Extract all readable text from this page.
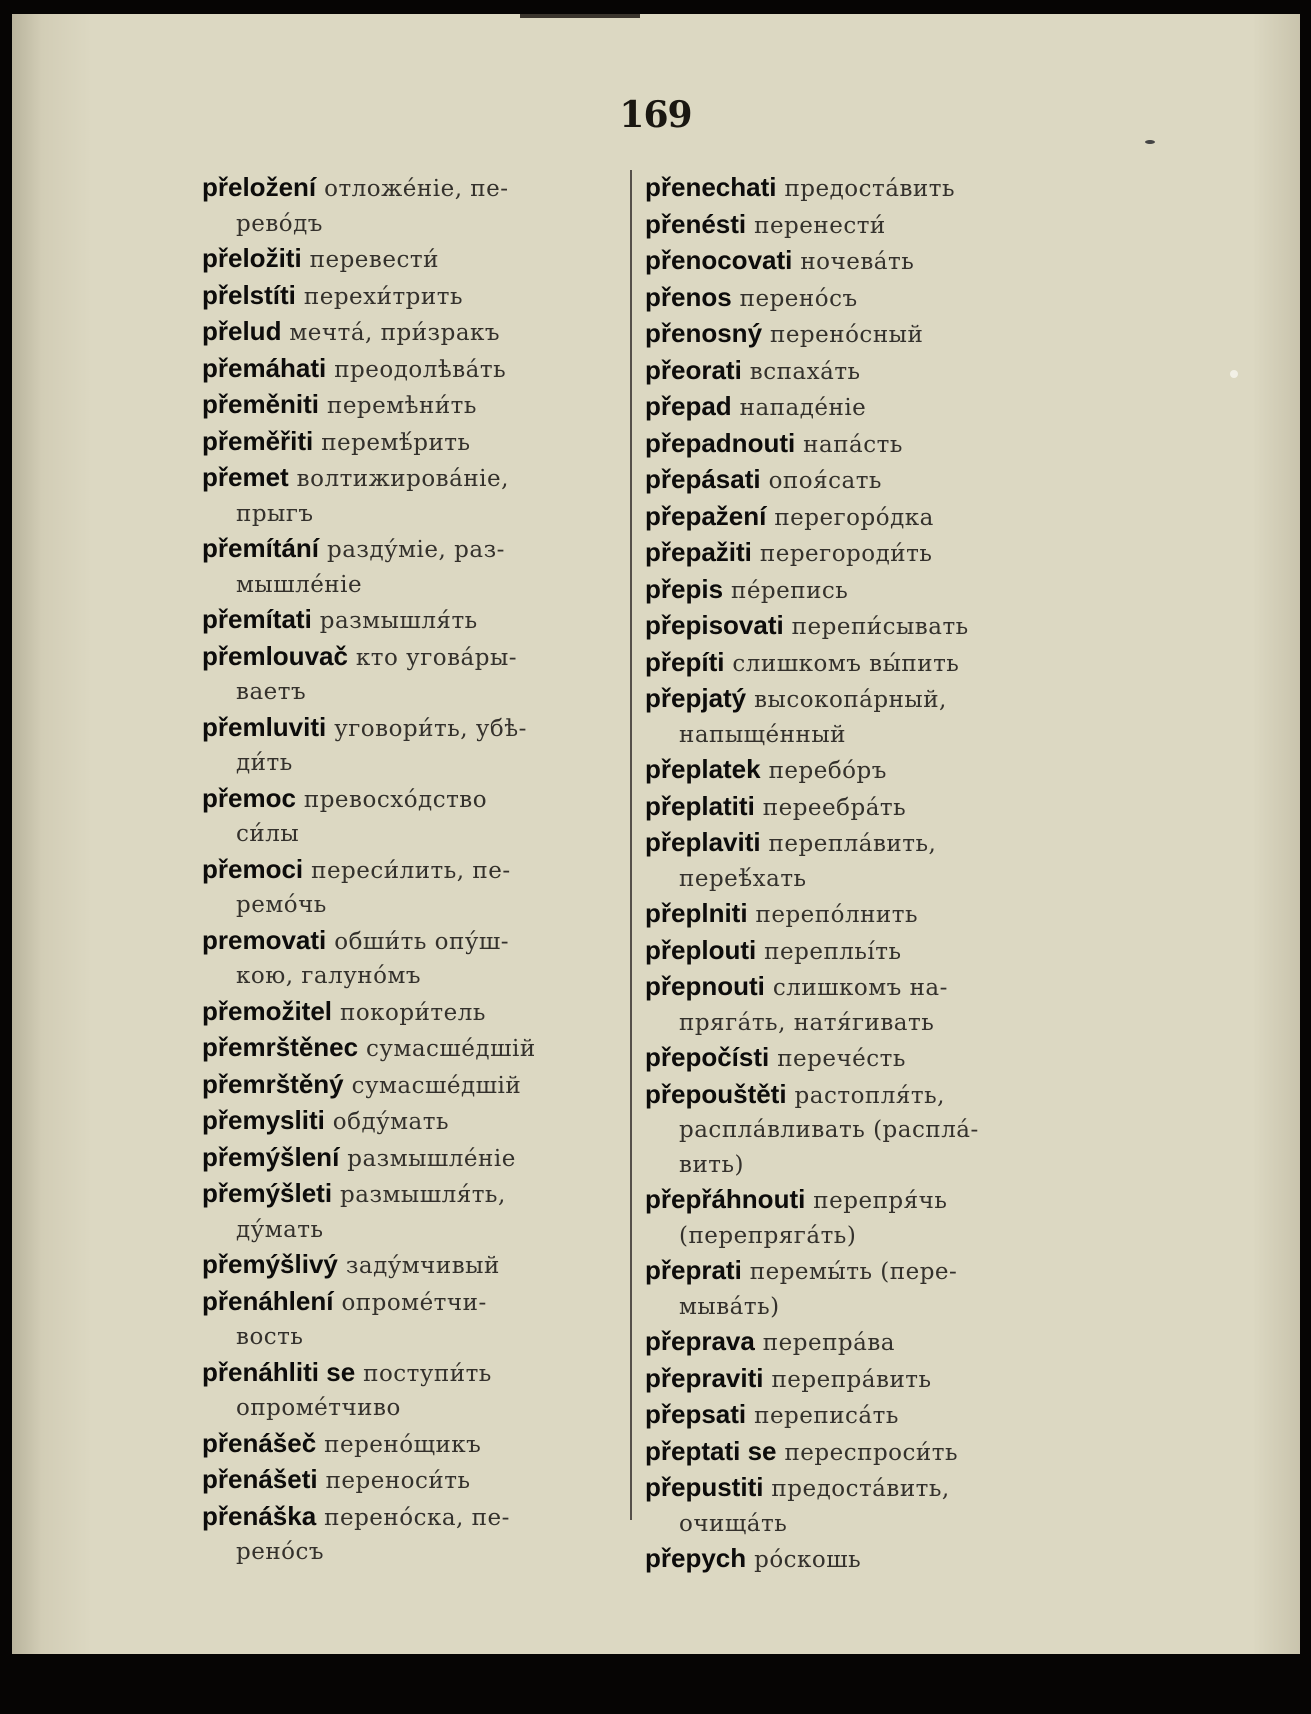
169
přeložení отложе́ніе, пе-
рево́дъ
přeložiti перевести́
přelstíti перехи́трить
přelud мечта́, при́зракъ
přemáhati преодолѣва́ть
přeměniti перемѣни́ть
přeměřiti перемѣ́рить
přemet волтижирова́ніе,
прыгъ
přemítání разду́міе, раз-
мышле́ніе
přemítati размышля́ть
přemlouvač кто угова́ры-
ваетъ
přemluviti уговори́ть, убѣ-
ди́ть
přemoc превосхо́дство
си́лы
přemoci переси́лить, пе-
ремо́чь
premovati обши́ть опу́ш-
кою, галуно́мъ
přemožitel покори́тель
přemrštěnec сумасше́дшій
přemrštěný сумасше́дшій
přemysliti обду́мать
přemýšlení размышле́ніе
přemýšleti размышля́ть,
ду́мать
přemýšlivý заду́мчивый
přenáhlení опроме́тчи-
вость
přenáhliti se поступи́ть
опроме́тчиво
přenášeč перено́щикъ
přenášeti переноси́ть
přenáška перено́ска, пе-
рено́съ
přenechati предоста́вить
přenésti перенести́
přenocovati ночева́ть
přenos перено́съ
přenosný перено́сный
přeorati вспаха́ть
přepad нападе́ніе
přepadnouti напа́сть
přepásati опоя́сать
přepažení перегоро́дка
přepažiti перегороди́ть
přepis пе́репись
přepisovati перепи́сывать
přepíti слишкомъ вы́пить
přepjatý высокопа́рный,
напыще́нный
přeplatek перебо́ръ
přeplatiti переебра́ть
přeplaviti перепла́вить,
переѣ́хать
přeplniti перепо́лнить
přeplouti перепльі́ть
přepnouti слишкомъ на-
пряга́ть, натя́гивать
přepočísti перече́сть
přepouštěti растопля́ть,
распла́вливать (распла́-
вить)
přepřáhnouti перепря́чь
(перепряга́ть)
přeprati перемы́ть (пере-
мыва́ть)
přeprava перепра́ва
přepraviti перепра́вить
přepsati переписа́ть
přeptati se переспроси́ть
přepustiti предоста́вить,
очища́ть
přepych ро́скошь
